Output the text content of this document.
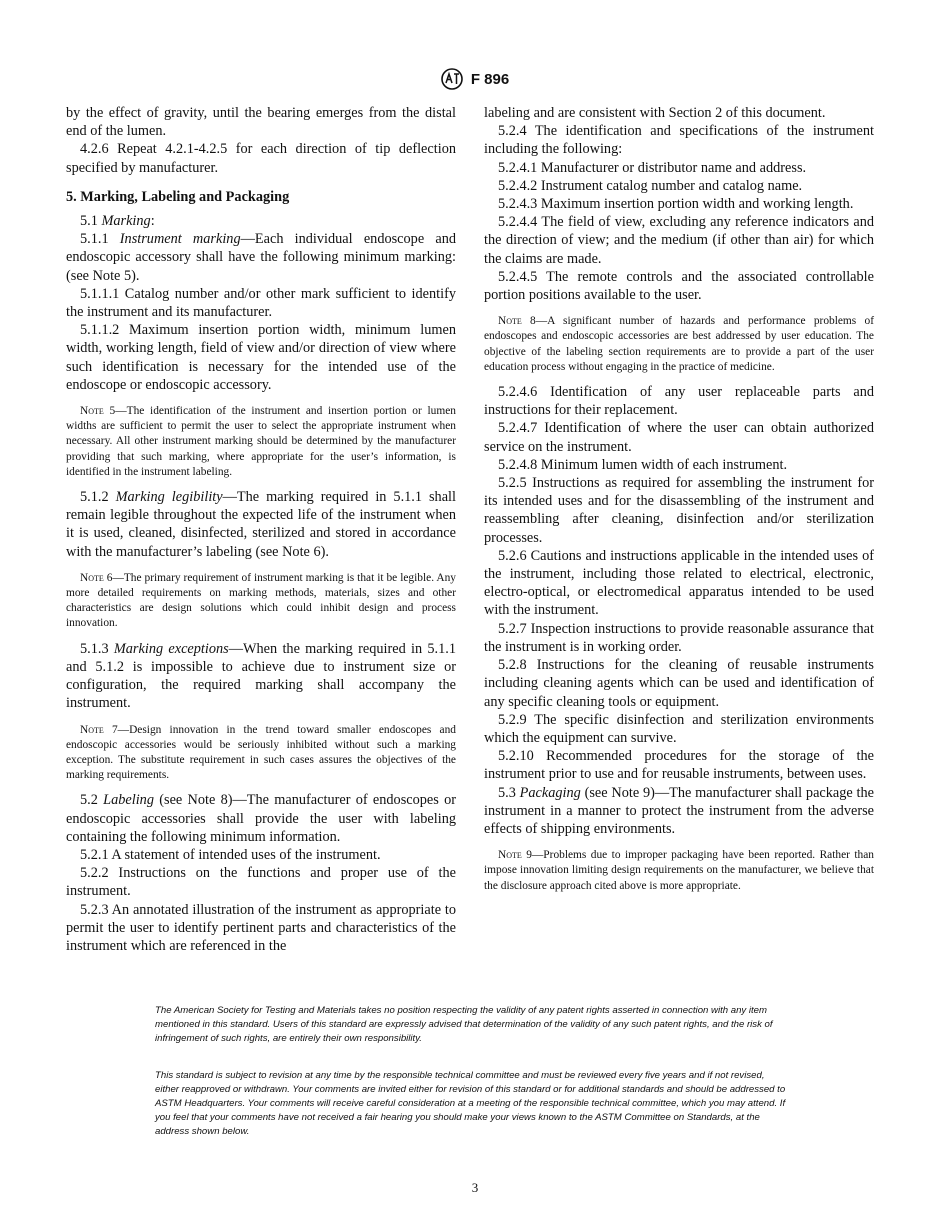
F 896

by the effect of gravity, until the bearing emerges from the distal end of the lumen.

4.2.6 Repeat 4.2.1-4.2.5 for each direction of tip deflection specified by manufacturer.

5. Marking, Labeling and Packaging

5.1 Marking:

5.1.1 Instrument marking—Each individual endoscope and endoscopic accessory shall have the following minimum marking: (see Note 5).

5.1.1.1 Catalog number and/or other mark sufficient to identify the instrument and its manufacturer.

5.1.1.2 Maximum insertion portion width, minimum lumen width, working length, field of view and/or direction of view where such identification is necessary for the intended use of the endoscope or endoscopic accessory.

Note 5—The identification of the instrument and insertion portion or lumen widths are sufficient to permit the user to select the appropriate instrument when necessary. All other instrument marking should be determined by the manufacturer providing that such marking, where appropriate for the user’s information, is identified in the instrument labeling.

5.1.2 Marking legibility—The marking required in 5.1.1 shall remain legible throughout the expected life of the instrument when it is used, cleaned, disinfected, sterilized and stored in accordance with the manufacturer’s labeling (see Note 6).

Note 6—The primary requirement of instrument marking is that it be legible. Any more detailed requirements on marking methods, materials, sizes and other characteristics are design solutions which could inhibit design and process innovation.

5.1.3 Marking exceptions—When the marking required in 5.1.1 and 5.1.2 is impossible to achieve due to instrument size or configuration, the required marking shall accompany the instrument.

Note 7—Design innovation in the trend toward smaller endoscopes and endoscopic accessories would be seriously inhibited without such a marking exception. The substitute requirement in such cases assures the objectives of the marking requirements.

5.2 Labeling (see Note 8)—The manufacturer of endoscopes or endoscopic accessories shall provide the user with labeling containing the following minimum information.

5.2.1 A statement of intended uses of the instrument.

5.2.2 Instructions on the functions and proper use of the instrument.

5.2.3 An annotated illustration of the instrument as appropriate to permit the user to identify pertinent parts and characteristics of the instrument which are referenced in the

labeling and are consistent with Section 2 of this document.

5.2.4 The identification and specifications of the instrument including the following:

5.2.4.1 Manufacturer or distributor name and address.

5.2.4.2 Instrument catalog number and catalog name.

5.2.4.3 Maximum insertion portion width and working length.

5.2.4.4 The field of view, excluding any reference indicators and the direction of view; and the medium (if other than air) for which the claims are made.

5.2.4.5 The remote controls and the associated controllable portion positions available to the user.

Note 8—A significant number of hazards and performance problems of endoscopes and endoscopic accessories are best addressed by user education. The objective of the labeling section requirements are to provide a part of the user education process without engaging in the practice of medicine.

5.2.4.6 Identification of any user replaceable parts and instructions for their replacement.

5.2.4.7 Identification of where the user can obtain authorized service on the instrument.

5.2.4.8 Minimum lumen width of each instrument.

5.2.5 Instructions as required for assembling the instrument for its intended uses and for the disassembling of the instrument and reassembling after cleaning, disinfection and/or sterilization processes.

5.2.6 Cautions and instructions applicable in the intended uses of the instrument, including those related to electrical, electronic, electro-optical, or electromedical apparatus intended to be used with the instrument.

5.2.7 Inspection instructions to provide reasonable assurance that the instrument is in working order.

5.2.8 Instructions for the cleaning of reusable instruments including cleaning agents which can be used and identification of any specific cleaning tools or equipment.

5.2.9 The specific disinfection and sterilization environments which the equipment can survive.

5.2.10 Recommended procedures for the storage of the instrument prior to use and for reusable instruments, between uses.

5.3 Packaging (see Note 9)—The manufacturer shall package the instrument in a manner to protect the instrument from the adverse effects of shipping environments.

Note 9—Problems due to improper packaging have been reported. Rather than impose innovation limiting design requirements on the manufacturer, we believe that the disclosure approach cited above is more appropriate.

The American Society for Testing and Materials takes no position respecting the validity of any patent rights asserted in connection with any item mentioned in this standard. Users of this standard are expressly advised that determination of the validity of any such patent rights, and the risk of infringement of such rights, are entirely their own responsibility.
This standard is subject to revision at any time by the responsible technical committee and must be reviewed every five years and if not revised, either reapproved or withdrawn. Your comments are invited either for revision of this standard or for additional standards and should be addressed to ASTM Headquarters. Your comments will receive careful consideration at a meeting of the responsible technical committee, which you may attend. If you feel that your comments have not received a fair hearing you should make your views known to the ASTM Committee on Standards, at the address shown below.
3
